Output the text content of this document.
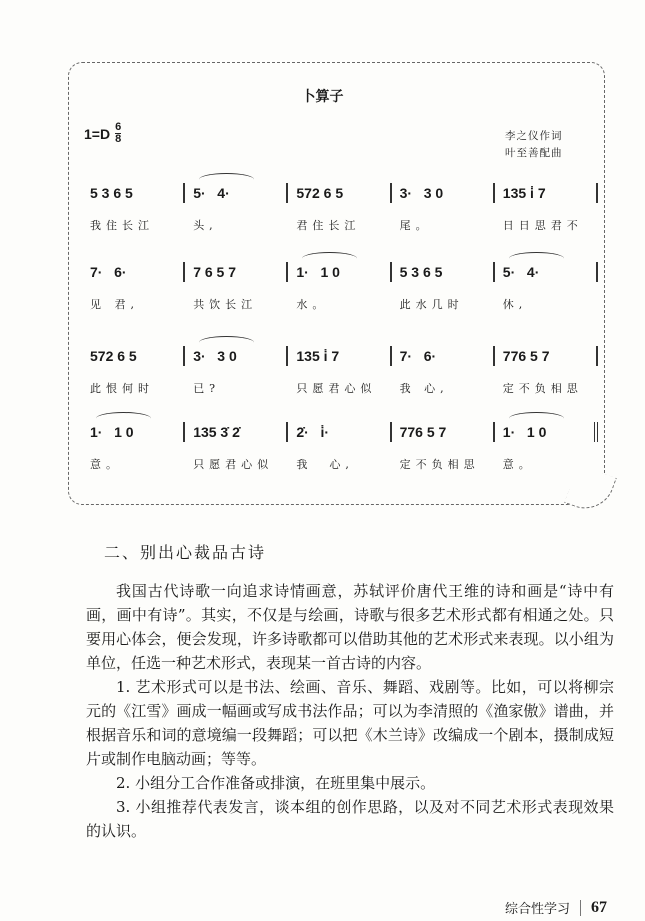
卜算子
$1=D \frac{6}{8}$	李之仪作词
叶至善配曲
5 3 6 5	5·   4·	572 6 5	3·   3 0	135 i̇ 7
我住长江	头,	君住长江	尾。	日日思君不
7·   6·	7 6 5 7	1·   1 0	5 3 6 5	5·   4·
见 君,	共饮长江	水。	此水几时	休,
572 6 5	3·   3 0	135 i̇ 7	7·   6·	776 5 7
此恨何时	已?	只愿君心似	我 心,	定不负相思
1·   1 0	135 3̇ 2̇	2̇·   i̇·	776 5 7	1·   1 0
意。	只愿君心似	我  心,	定不负相思	意。
二、别出心裁品古诗

我国古代诗歌一向追求诗情画意，苏轼评价唐代王维的诗和画是“诗中有画，画中有诗”。其实，不仅是与绘画，诗歌与很多艺术形式都有相通之处。只要用心体会，便会发现，许多诗歌都可以借助其他的艺术形式来表现。以小组为单位，任选一种艺术形式，表现某一首古诗的内容。

1. 艺术形式可以是书法、绘画、音乐、舞蹈、戏剧等。比如，可以将柳宗元的《江雪》画成一幅画或写成书法作品；可以为李清照的《渔家傲》谱曲，并根据音乐和词的意境编一段舞蹈；可以把《木兰诗》改编成一个剧本，摄制成短片或制作电脑动画；等等。

2. 小组分工合作准备或排演，在班里集中展示。

3. 小组推荐代表发言，谈本组的创作思路，以及对不同艺术形式表现效果的认识。

综合性学习 67
